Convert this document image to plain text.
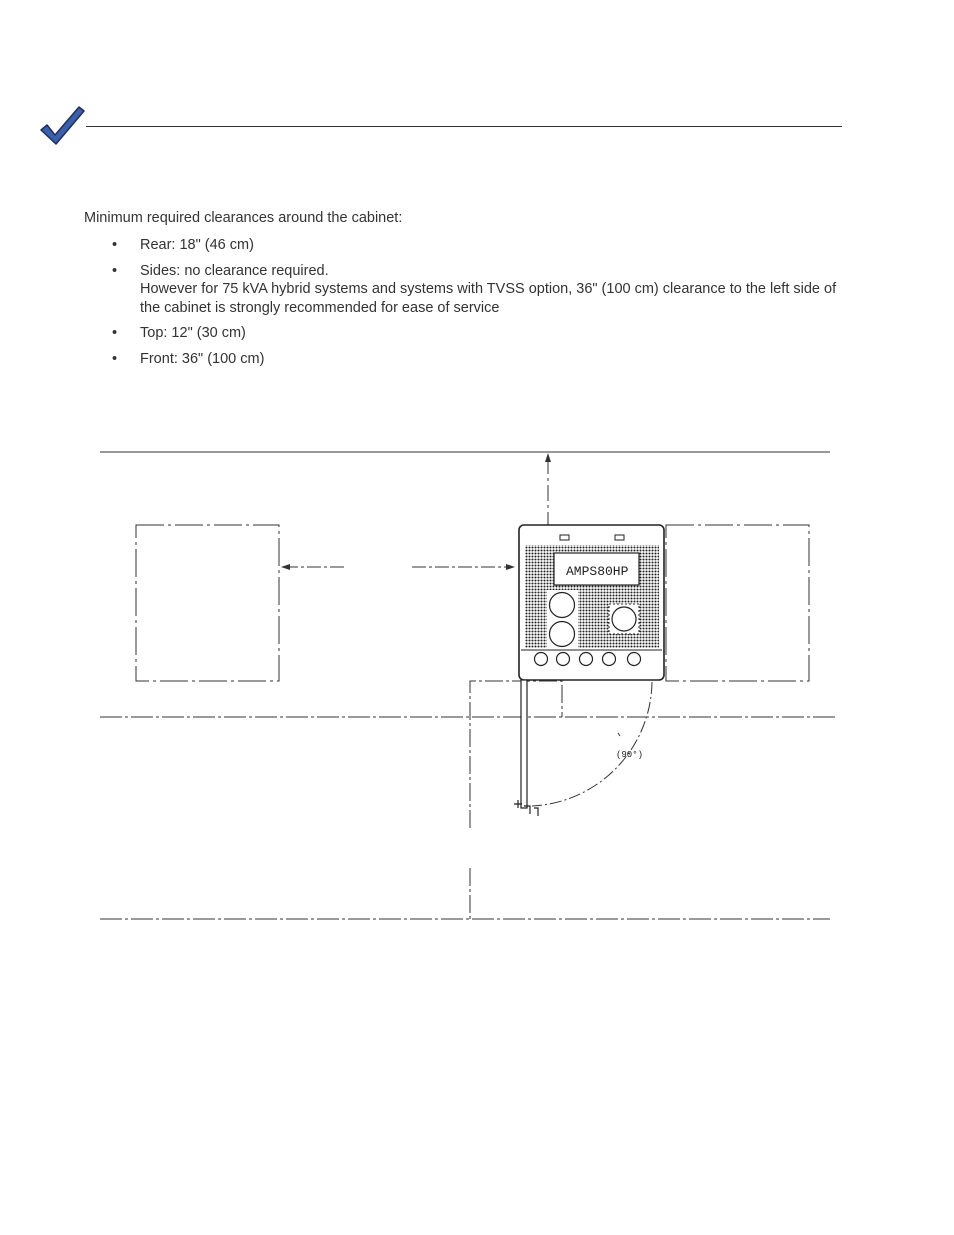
Minimum required clearances around the cabinet:

• Rear: 18" (46 cm)
• Sides: no clearance required.
However for 75 kVA hybrid systems and systems with TVSS option, 36" (100 cm) clearance to the left side of the cabinet is strongly recommended for ease of service
• Top: 12" (30 cm)
• Front: 36" (100 cm)
AMPS80HP
(90°)
